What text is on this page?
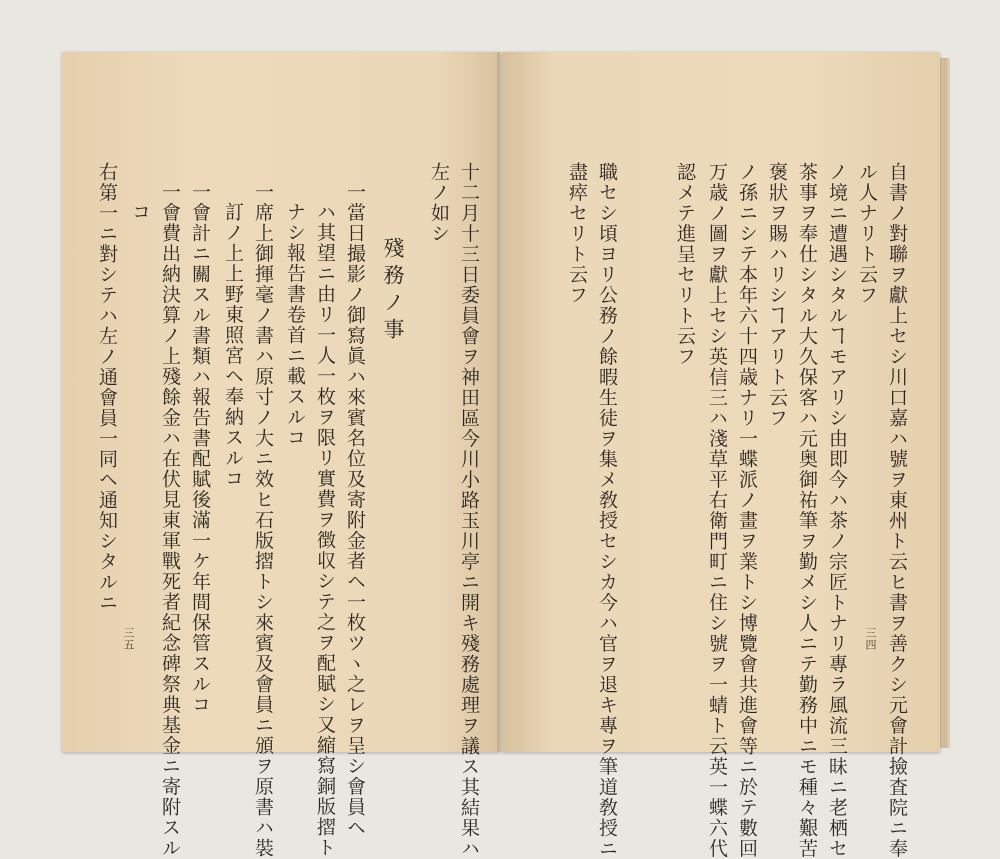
十二月十三日委員會ヲ神田區今川小路玉川亭ニ開キ殘務處理ヲ議ス其結果ハ
左ノ如シ
殘務ノ事
一當日撮影ノ御寫眞ハ來賓名位及寄附金者ヘ一枚ツヽ之レヲ呈シ會員ヘ
ハ其望ニ由リ一人一枚ヲ限リ實費ヲ徴収シテ之ヲ配賦シ又縮寫銅版摺ト
ナシ報告書卷首ニ載スルコ
一席上御揮毫ノ書ハ原寸ノ大ニ效ヒ石版摺トシ來賓及會員ニ頒ヲ原書ハ裝
訂ノ上上野東照宮ヘ奉納スルコ
一會計ニ關スル書類ハ報告書配賦後滿一ケ年間保管スルコ
一會費出納決算ノ上殘餘金ハ在伏見東軍戰死者紀念碑祭典基金ニ寄附スル
コ
右第一ニ對シテハ左ノ通會員一同ヘ通知シタルニ
三五
認メテ進呈セリト云フ 万歳ノ圖ヲ獻上セシ英信三ハ淺草平右衛門町ニ住シ號ヲ一蜻ト云英一蝶六代 ノ孫ニシテ本年六十四歳ナリ一蝶派ノ畫ヲ業トシ博覽會共進會等ニ於テ數回 褒狀ヲ賜ハリシヿアリト云フ 茶事ヲ奉仕シタル大久保客ハ元奥御祐筆ヲ勤メシ人ニテ勤務中ニモ種々艱苦 ノ境ニ遭遇シタルヿモアリシ由即今ハ茶ノ宗匠トナリ專ラ風流三昧ニ老栖セ ル人ナリト云フ 自書ノ對聯ヲ獻上セシ川口嘉ハ號ヲ東州ト云ヒ書ヲ善クシ元會計撿査院ニ奉
職セシ頃ヨリ公務ノ餘暇生徒ヲ集メ敎授セシカ今ハ官ヲ退キ專ヲ筆道敎授ニ
盡瘁セリト云フ
三四
